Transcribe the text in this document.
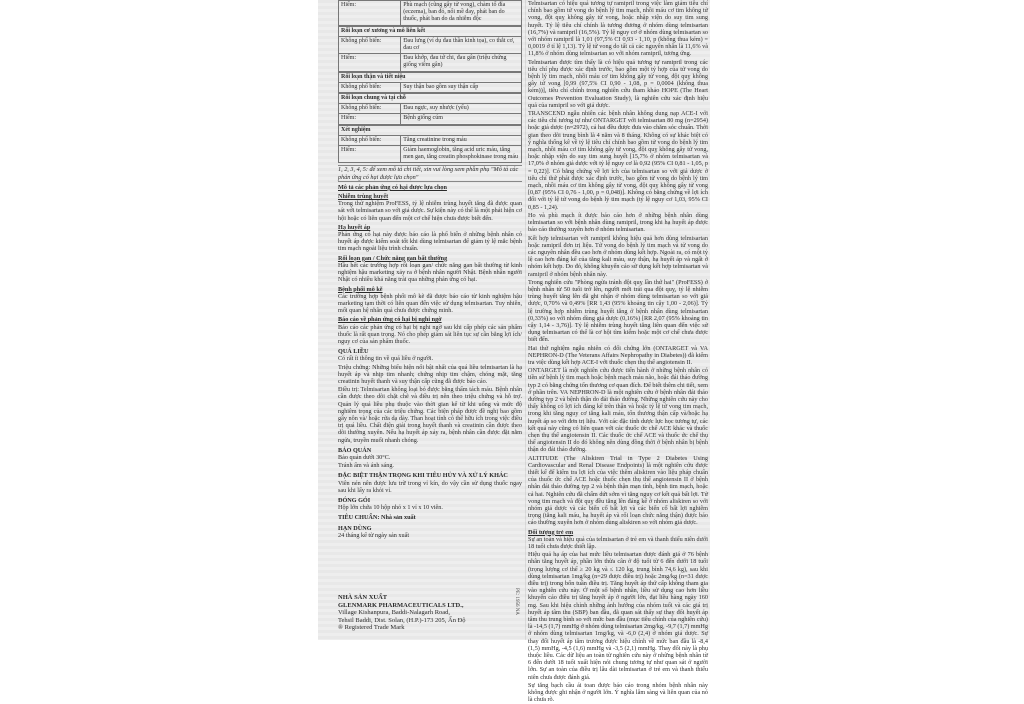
Hiếm:	Phù mạch (cũng gây tử vong), chàm tổ đỉa (eczema), ban đỏ, nổi mề đay, phát ban do thuốc, phát ban do da nhiễm độc
Rối loạn cơ xương và mô liên kết	
Không phổ biến:	Đau lưng (ví dụ đau thần kinh tọa), co thắt cơ, đau cơ
Hiếm:	Đau khớp, đau tứ chi, đau gân (triệu chứng giống viêm gân)
Rối loạn thận và tiết niệu
Không phổ biến:	Suy thận bao gồm suy thận cấp
Rối loạn chung và tại chỗ	
Không phổ biến:	Đau ngực, suy nhược (yếu)
Hiếm:	Bệnh giống cúm
Xét nghiệm	
Không phổ biến:	Tăng creatinine trong máu
Hiếm:	Giảm haemoglobin, tăng acid uric máu, tăng men gan, tăng creatin phosphokinase trong máu
1, 2, 3, 4, 5: để xem mô tả chi tiết, xin vui lòng xem phần phụ "Mô tả các phản ứng có hại được lựa chọn"
Mô tả các phản ứng có hại được lựa chọn
Nhiễm trùng huyết
Trong thử nghiệm ProFESS, tỷ lệ nhiễm trùng huyết tăng đã được quan sát với telmisartan so với giả dược. Sự kiện này có thể là một phát hiện cơ hội hoặc có liên quan đến một cơ chế hiện chưa được biết đến.
Hạ huyết áp
Phản ứng có hại này được báo cáo là phổ biến ở những bệnh nhân có huyết áp được kiểm soát tốt khi dùng telmisartan để giảm tỷ lệ mắc bệnh tim mạch ngoài liệu trình chuẩn.
Rối loạn gan / Chức năng gan bất thường
Hầu hết các trường hợp rối loạn gan/ chức năng gan bất thường từ kinh nghiệm hậu marketing xảy ra ở bệnh nhân người Nhật. Bệnh nhân người Nhật có nhiều khả năng trải qua những phản ứng có hại.
Bệnh phổi mô kẽ
Các trường hợp bệnh phổi mô kẽ đã được báo cáo từ kinh nghiệm hậu marketing tạm thời có liên quan đến việc sử dụng telmisartan. Tuy nhiên, mối quan hệ nhân quả chưa được chứng minh.
Báo cáo về phản ứng có hại bị nghi ngờ
Báo cáo các phản ứng có hại bị nghi ngờ sau khi cấp phép các sản phẩm thuốc là rất quan trọng. Nó cho phép giám sát liên tục sự cân bằng lợi ích/ nguy cơ của sản phẩm thuốc.
QUÁ LIỀU
Có rất ít thông tin về quá liều ở người.
Triệu chứng: Những biểu hiện nổi bật nhất của quá liều telmisartan là hạ huyết áp và nhịp tim nhanh; chứng nhịp tim chậm, chóng mặt, tăng creatinin huyết thanh và suy thận cấp cũng đã được báo cáo.
Điều trị: Telmisartan không loại bỏ được bằng thẩm tách máu. Bệnh nhân cần được theo dõi chặt chẽ và điều trị nên theo triệu chứng và hỗ trợ. Quản lý quá liều phụ thuộc vào thời gian kể từ khi uống và mức độ nghiêm trọng của các triệu chứng. Các biện pháp được đề nghị bao gồm gây nôn và/ hoặc rửa dạ dày. Than hoạt tính có thể hữu ích trong việc điều trị quá liều. Chất điện giải trong huyết thanh và creatinin cần được theo dõi thường xuyên. Nếu hạ huyết áp xảy ra, bệnh nhân cần được đặt nằm ngửa, truyền muối nhanh chóng.
BẢO QUẢN
Bảo quản dưới 30°C.
Tránh ẩm và ánh sáng.
ĐẶC BIỆT THẬN TRỌNG KHI TIÊU HỦY VÀ XỬ LÝ KHÁC
Viên nén nên được lưu trữ trong vỉ kín, do vậy cần sử dụng thuốc ngay sau khi lấy ra khỏi vỉ.
ĐÓNG GÓI
Hộp lớn chứa 10 hộp nhỏ x 1 vỉ x 10 viên.
TIÊU CHUẨN: Nhà sản xuất
HẠN DÙNG
24 tháng kể từ ngày sản xuất
NHÀ SẢN XUẤT
GLENMARK PHARMACEUTICALS LTD.,
Village Kishanpura, Baddi-Nalagarh Road,
Tehsil Baddi, Dist. Solan, (H.P.)-173 205, Ấn Độ
® Registered Trade Mark
PE: 1956 NA
Telmisartan có hiệu quả tương tự ramipril trong việc làm giảm tiêu chí chính bao gồm tử vong do bệnh lý tim mạch, nhồi máu cơ tim không tử vong, đột quỵ không gây tử vong, hoặc nhập viện do suy tim sung huyết. Tỷ lệ tiêu chí chính là tương đương ở nhóm dùng telmisartan (16,7%) và ramipril (16,5%). Tỷ lệ nguy cơ ở nhóm dùng telmisartan so với nhóm ramipril là 1,01 (97,5% CI 0,93 - 1,10, p (không thua kém) = 0,0019 ở tỉ lệ 1,13). Tỷ lệ tử vong do tất cả các nguyên nhân là 11,6% và 11,8% ở nhóm dùng telmisartan so với nhóm ramipril, tương ứng.
Telmisartan được tìm thấy là có hiệu quả tương tự ramipril trong các tiêu chí phụ được xác định trước, bao gồm một tỷ hợp của tử vong do bệnh lý tim mạch, nhồi máu cơ tim không gây tử vong, đột quỵ không gây tử vong [0,99 (97,5% CI 0,90 - 1,08, p = 0,0004 (không thua kém))], tiêu chí chính trong nghiên cứu tham khảo HOPE (The Heart Outcomes Prevention Evaluation Study), là nghiên cứu xác định hiệu quả của ramipril so với giả dược.
TRANSCEND ngẫu nhiên các bệnh nhân không dung nạp ACE-I với các tiêu chí tương tự như ONTARGET với telmisartan 80 mg (n=2954) hoặc giả dược (n=2972), cả hai đều được đưa vào chăm sóc chuẩn. Thời gian theo dõi trung bình là 4 năm và 8 tháng. Không có sự khác biệt có ý nghĩa thống kê về tỷ lệ tiêu chí chính bao gồm tử vong do bệnh lý tim mạch, nhồi máu cơ tim không gây tử vong, đột quỵ không gây tử vong, hoặc nhập viện do suy tim sung huyết [15,7% ở nhóm telmisartan và 17,0% ở nhóm giả dược với tỷ lệ nguy cơ là 0,92 (95% CI 0,81 - 1,05, p = 0,22)]. Có bằng chứng về lợi ích của telmisartan so với giả dược ở tiêu chí thứ phát được xác định trước, bao gồm tử vong do bệnh lý tim mạch, nhồi máu cơ tim không gây tử vong, đột quỵ không gây tử vong [0,87 (95% CI 0,76 - 1,00, p = 0,048)]. Không có bằng chứng về lợi ích đối với tỷ lệ tử vong do bệnh lý tim mạch (tỷ lệ nguy cơ 1,03, 95% CI 0,85 - 1,24).
Ho và phù mạch ít được báo cáo hơn ở những bệnh nhân dùng telmisartan so với bệnh nhân dùng ramipril, trong khi hạ huyết áp được báo cáo thường xuyên hơn ở nhóm telmisartan.
Kết hợp telmisartan với ramipril không hiệu quả hơn dùng telmisartan hoặc ramipril đơn trị liệu. Tử vong do bệnh lý tim mạch và tử vong do các nguyên nhân đều cao hơn ở nhóm dùng kết hợp. Ngoài ra, có một tỷ lệ cao hơn đáng kể của tăng kali máu, suy thận, hạ huyết áp và ngất ở nhóm kết hợp. Do đó, không khuyến cáo sử dụng kết hợp telmisartan và ramipril ở nhóm bệnh nhân này.
Trong nghiên cứu "Phòng ngừa tránh đột quỵ lần thứ hai" (ProFESS) ở bệnh nhân từ 50 tuổi trở lên, người mới trải qua đột quỵ, tỷ lệ nhiễm trùng huyết tăng lên đã ghi nhận ở nhóm dùng telmisartan so với giả dược, 0,70% và 0,49% [RR 1,43 (95% khoảng tin cậy 1,00 - 2,06)]. Tỷ lệ trường hợp nhiễm trùng huyết tăng ở bệnh nhân dùng telmisartan (0,33%) so với nhóm dùng giả dược (0,16%) [RR 2,07 (95% khoảng tin cậy 1,14 - 3,76)]. Tỷ lệ nhiễm trùng huyết tăng liên quan đến việc sử dụng telmisartan có thể là cơ hội tìm kiếm hoặc một cơ chế chưa được biết đến.
Hai thử nghiệm ngẫu nhiên có đối chứng lớn (ONTARGET và VA NEPHRON-D (The Veterans Affairs Nephropathy in Diabetes)) đã kiểm tra việc dùng kết hợp ACE-I với thuốc chẹn thụ thể angiotensin II.
ONTARGET là một nghiên cứu được tiến hành ở những bệnh nhân có tiền sử bệnh lý tim mạch hoặc bệnh mạch máu não, hoặc đái tháo đường typ 2 có bằng chứng tổn thương cơ quan đích. Để biết thêm chi tiết, xem ở phần trên. VA NEPHRON-D là một nghiên cứu ở bệnh nhân đái tháo đường typ 2 và bệnh thận do đái tháo đường. Những nghiên cứu này cho thấy không có lợi ích đáng kể trên thận và hoặc tỷ lệ tử vong tim mạch, trong khi tăng nguy cơ tăng kali máu, tổn thương thận cấp và/hoặc hạ huyết áp so với đơn trị liệu. Với các đặc tính dược lực học tương tự, các kết quả này cũng có liên quan với các thuốc ức chế ACE khác và thuốc chẹn thụ thể angiotensin II. Các thuốc ức chế ACE và thuốc ức chế thụ thể angiotensin II do đó không nên dùng đồng thời ở bệnh nhân bị bệnh thận do đái tháo đường.
ALTITUDE (The Aliskiren Trial in Type 2 Diabetes Using Cardiovascular and Renal Disease Endpoints) là một nghiên cứu được thiết kế để kiểm tra lợi ích của việc thêm aliskiren vào liệu pháp chuẩn của thuốc ức chế ACE hoặc thuốc chẹn thụ thể angiotensin II ở bệnh nhân đái tháo đường typ 2 và bệnh thận mạn tính, bệnh tim mạch, hoặc cả hai. Nghiên cứu đã chấm dứt sớm vì tăng nguy cơ kết quả bất lợi. Tử vong tim mạch và đột quỵ đều tăng lên đáng kể ở nhóm aliskiren so với nhóm giả dược và các biến cố bất lợi và các biến cố bất lợi nghiêm trọng (tăng kali máu, hạ huyết áp và rối loạn chức năng thận) được báo cáo thường xuyên hơn ở nhóm dùng aliskiren so với nhóm giả dược.
Đối tượng trẻ em
Sự an toàn và hiệu quả của telmisartan ở trẻ em và thanh thiếu niên dưới 18 tuổi chưa được thiết lập.
Hiệu quả hạ áp của hai mức liều telmisartan được đánh giá ở 76 bệnh nhân tăng huyết áp, phần lớn thừa cân ở độ tuổi từ 6 đến dưới 18 tuổi (trọng lượng cơ thể ≥ 20 kg và ≤ 120 kg, trung bình 74,6 kg), sau khi dùng telmisartan 1mg/kg (n=29 được điều trị) hoặc 2mg/kg (n=31 được điều trị) trong bốn tuần điều trị. Tăng huyết áp thứ cấp không tham gia vào nghiên cứu này. Ở một số bệnh nhân, liều sử dụng cao hơn liều khuyến cáo điều trị tăng huyết áp ở người lớn, đạt liều hàng ngày 160 mg. Sau khi hiệu chỉnh những ảnh hưởng của nhóm tuổi và các giá trị huyết áp tâm thu (SBP) ban đầu, đã quan sát thấy sự thay đổi huyết áp tâm thu trung bình so với mức ban đầu (mục tiêu chính của nghiên cứu) là -14,5 (1,7) mmHg ở nhóm dùng telmisartan 2mg/kg, -9,7 (1,7) mmHg ở nhóm dùng telmisartan 1mg/kg, và -6,0 (2,4) ở nhóm giả dược. Sự thay đổi huyết áp tâm trương được hiệu chỉnh về mức ban đầu là -8,4 (1,5) mmHg, -4,5 (1,6) mmHg và -3,5 (2,1) mmHg. Thay đổi này là phụ thuộc liều. Các dữ liệu an toàn từ nghiên cứu này ở những bệnh nhân từ 6 đến dưới 18 tuổi xuất hiện nói chung tương tự như quan sát ở người lớn. Sự an toàn của điều trị lâu dài telmisartan ở trẻ em và thanh thiếu niên chưa được đánh giá.
Sự tăng bạch cầu ái toan được báo cáo trong nhóm bệnh nhân này không được ghi nhận ở người lớn. Ý nghĩa lâm sàng và liên quan của nó là chưa rõ.
